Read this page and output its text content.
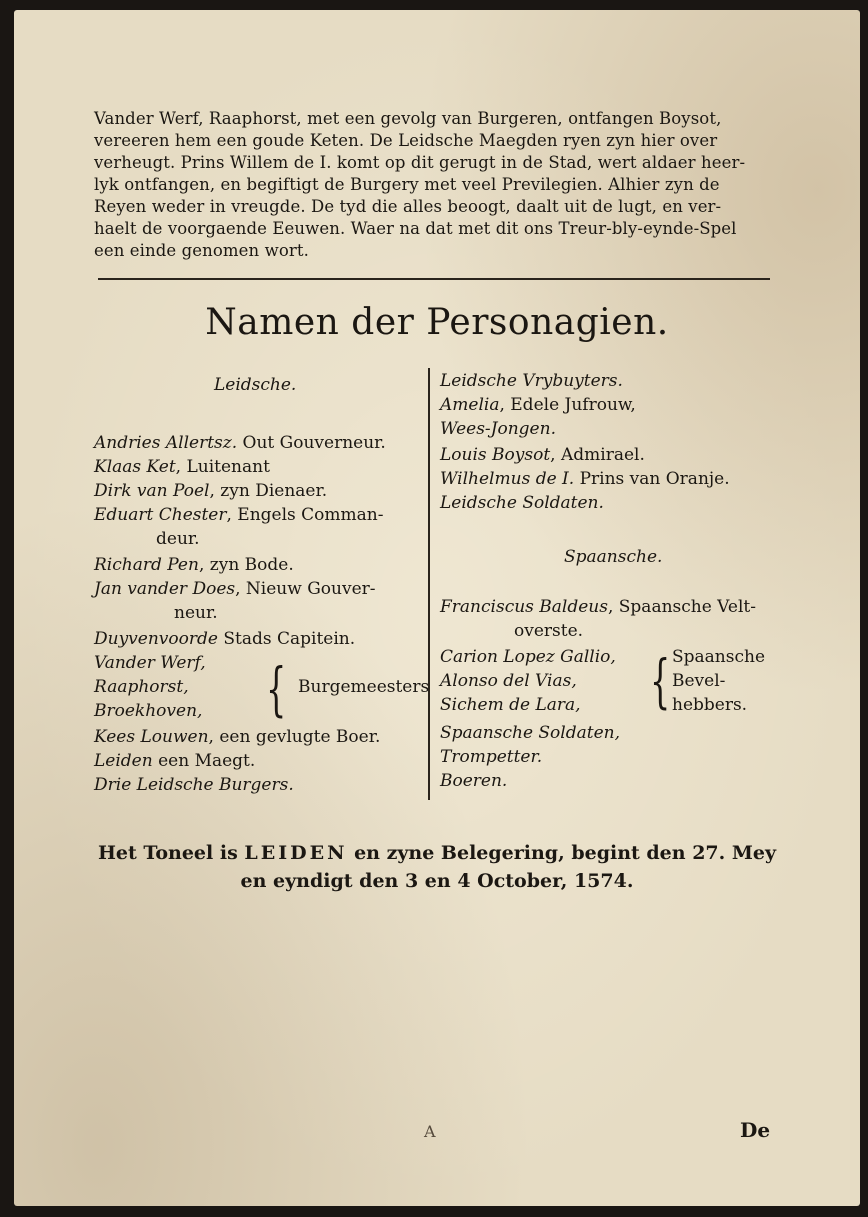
Vander Werf, Raaphorst, met een gevolg van Burgeren, ontfangen Boysot,

vereeren hem een goude Keten. De Leidsche Maegden ryen zyn hier over

verheugt. Prins Willem de I. komt op dit gerugt in de Stad, wert aldaer heer-

lyk ontfangen, en begiftigt de Burgery met veel Previlegien. Alhier zyn de

Reyen weder in vreugde. De tyd die alles beoogt, daalt uit de lugt, en ver-

haelt de voorgaende Eeuwen. Waer na dat met dit ons Treur-bly-eynde-Spel

een einde genomen wort.

Namen der Personagien.
Leidsche.
Andries Allertsz. Out Gouverneur.
Klaas Ket, Luitenant
Dirk van Poel, zyn Dienaer.
Eduart Chester, Engels Comman-
deur.
Richard Pen, zyn Bode.
Jan vander Does, Nieuw Gouver-
neur.
Duyvenvoorde Stads Capitein.
Vander Werf,
Raaphorst,
Broekhoven, { Burgemeesters
Kees Louwen, een gevlugte Boer.
Leiden een Maegt.
Drie Leidsche Burgers.
Leidsche Vrybuyters.
Amelia, Edele Jufrouw,
Wees-Jongen.
Louis Boysot, Admirael.
Wilhelmus de I. Prins van Oranje.
Leidsche Soldaten.
Spaansche.
Franciscus Baldeus, Spaansche Velt-
overste.
Carion Lopez Gallio,
Alonso del Vias,
Sichem de Lara, { Spaansche
Bevel-
hebbers.
Spaansche Soldaten,
Trompetter.
Boeren.
Het Toneel is LEIDEN en zyne Belegering, begint den 27. Mey
en eyndigt den 3 en 4 October, 1574.
A	De
